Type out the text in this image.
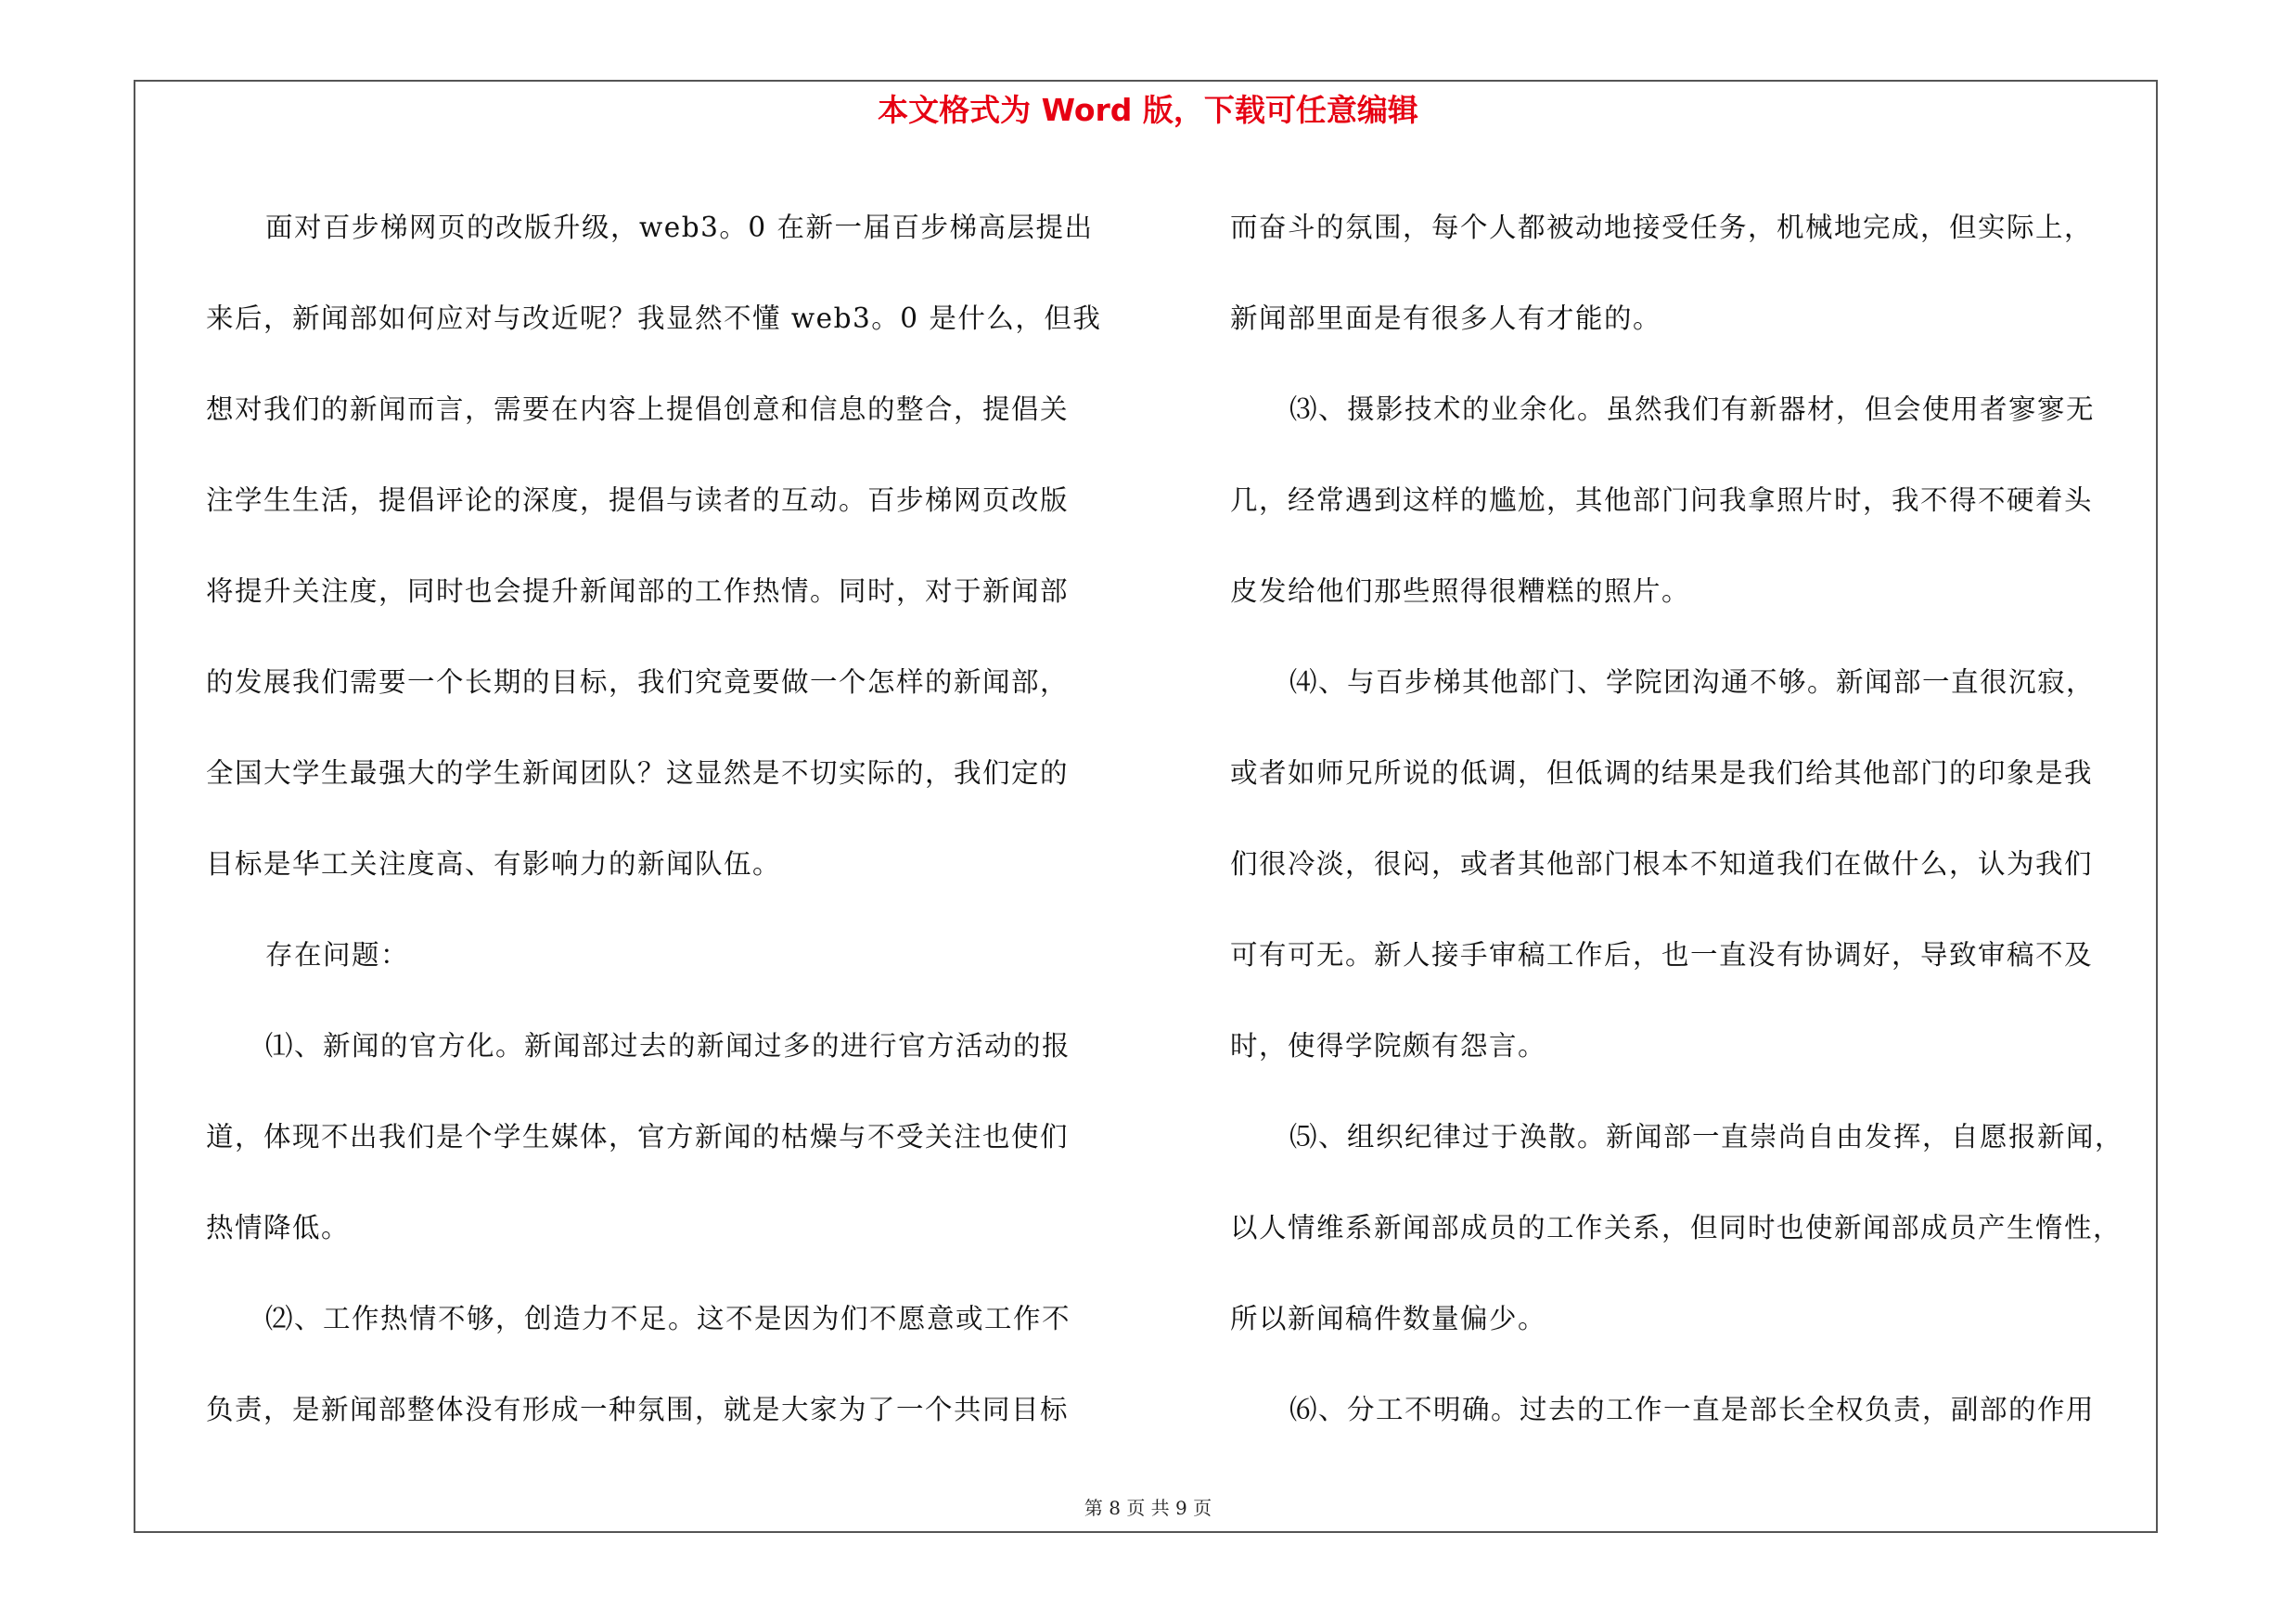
本文格式为 Word 版，下载可任意编辑
面对百步梯网页的改版升级，web3。0 在新一届百步梯高层提出
来后，新闻部如何应对与改近呢？我显然不懂 web3。0 是什么，但我
想对我们的新闻而言，需要在内容上提倡创意和信息的整合，提倡关
注学生生活，提倡评论的深度，提倡与读者的互动。百步梯网页改版
将提升关注度，同时也会提升新闻部的工作热情。同时，对于新闻部
的发展我们需要一个长期的目标，我们究竟要做一个怎样的新闻部，
全国大学生最强大的学生新闻团队？这显然是不切实际的，我们定的
目标是华工关注度高、有影响力的新闻队伍。
存在问题：
⑴、新闻的官方化。新闻部过去的新闻过多的进行官方活动的报
道，体现不出我们是个学生媒体，官方新闻的枯燥与不受关注也使们
热情降低。
⑵、工作热情不够，创造力不足。这不是因为们不愿意或工作不
负责，是新闻部整体没有形成一种氛围，就是大家为了一个共同目标
而奋斗的氛围，每个人都被动地接受任务，机械地完成，但实际上，
新闻部里面是有很多人有才能的。
⑶、摄影技术的业余化。虽然我们有新器材，但会使用者寥寥无
几，经常遇到这样的尴尬，其他部门问我拿照片时，我不得不硬着头
皮发给他们那些照得很糟糕的照片。
⑷、与百步梯其他部门、学院团沟通不够。新闻部一直很沉寂，
或者如师兄所说的低调，但低调的结果是我们给其他部门的印象是我
们很冷淡，很闷，或者其他部门根本不知道我们在做什么，认为我们
可有可无。新人接手审稿工作后，也一直没有协调好，导致审稿不及
时，使得学院颇有怨言。
⑸、组织纪律过于涣散。新闻部一直崇尚自由发挥，自愿报新闻，
以人情维系新闻部成员的工作关系，但同时也使新闻部成员产生惰性，
所以新闻稿件数量偏少。
⑹、分工不明确。过去的工作一直是部长全权负责，副部的作用
第 8 页 共 9 页
